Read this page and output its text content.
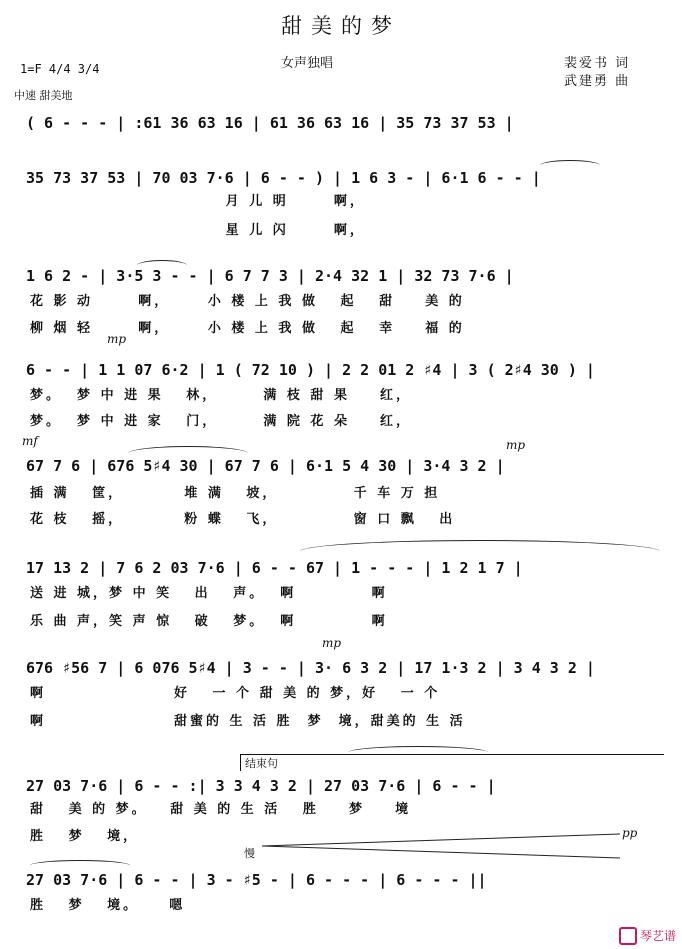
甜美的梦
女声独唱	裴爱书 词
武建勇 曲
1=F 4/4 3/4
中速 甜美地
( 6 - - - | :61 36 63 16 | 61 36 63 16 | 35 73 37 53 |
35 73 37 53 | 70 03 7·6 | 6 - - ) | 1 6 3 - | 6·1 6 - - |
月 儿 明      啊，
星 儿 闪      啊，
1 6 2 - | 3·5 3 - - | 6 7 7 3 | 2·4 32 1 | 32 73 7·6 |
花 影 动      啊，     小 楼 上 我 做   起   甜    美 的
柳 烟 轻      啊，     小 楼 上 我 做   起   幸    福 的
mp
6 - - | 1 1 07 6·2 | 1 ( 72 10 ) | 2 2 01 2 ♯4 | 3 ( 2♯4 30 ) |
梦。  梦 中 进 果   林，      满 枝 甜 果    红，
梦。  梦 中 进 家   门，      满 院 花 朵    红，
mf	mp
67 7 6 | 676 5♯4 30 | 67 7 6 | 6·1 5 4 30 | 3·4 3 2 |
插 满   筐，        堆 满   坡，          千 车 万 担
花 枝   摇，        粉 蝶   飞，          窗 口 飘   出
17 13 2 | 7 6 2 03 7·6 | 6 - - 67 | 1 - - - | 1 2 1 7 |
送 进 城，梦 中 笑   出   声。  啊          啊
乐 曲 声，笑 声 惊   破   梦。  啊          啊
mp
676 ♯56 7 | 6 076 5♯4 | 3 - - | 3· 6 3 2 | 17 1·3 2 | 3 4 3 2 |
啊                 好   一 个 甜 美 的 梦，好   一 个
啊                 甜蜜的 生 活 胜  梦  境，甜美的 生 活
结束句
27 03 7·6 | 6 - - :| 3 3 4 3 2 | 27 03 7·6 | 6 - - |
甜   美 的 梦。   甜 美 的 生 活   胜    梦    境
胜   梦   境，	pp
慢
27 03 7·6 | 6 - - | 3 - ♯5 - | 6 - - - | 6 - - - ||
胜   梦   境。    嗯
琴艺谱
